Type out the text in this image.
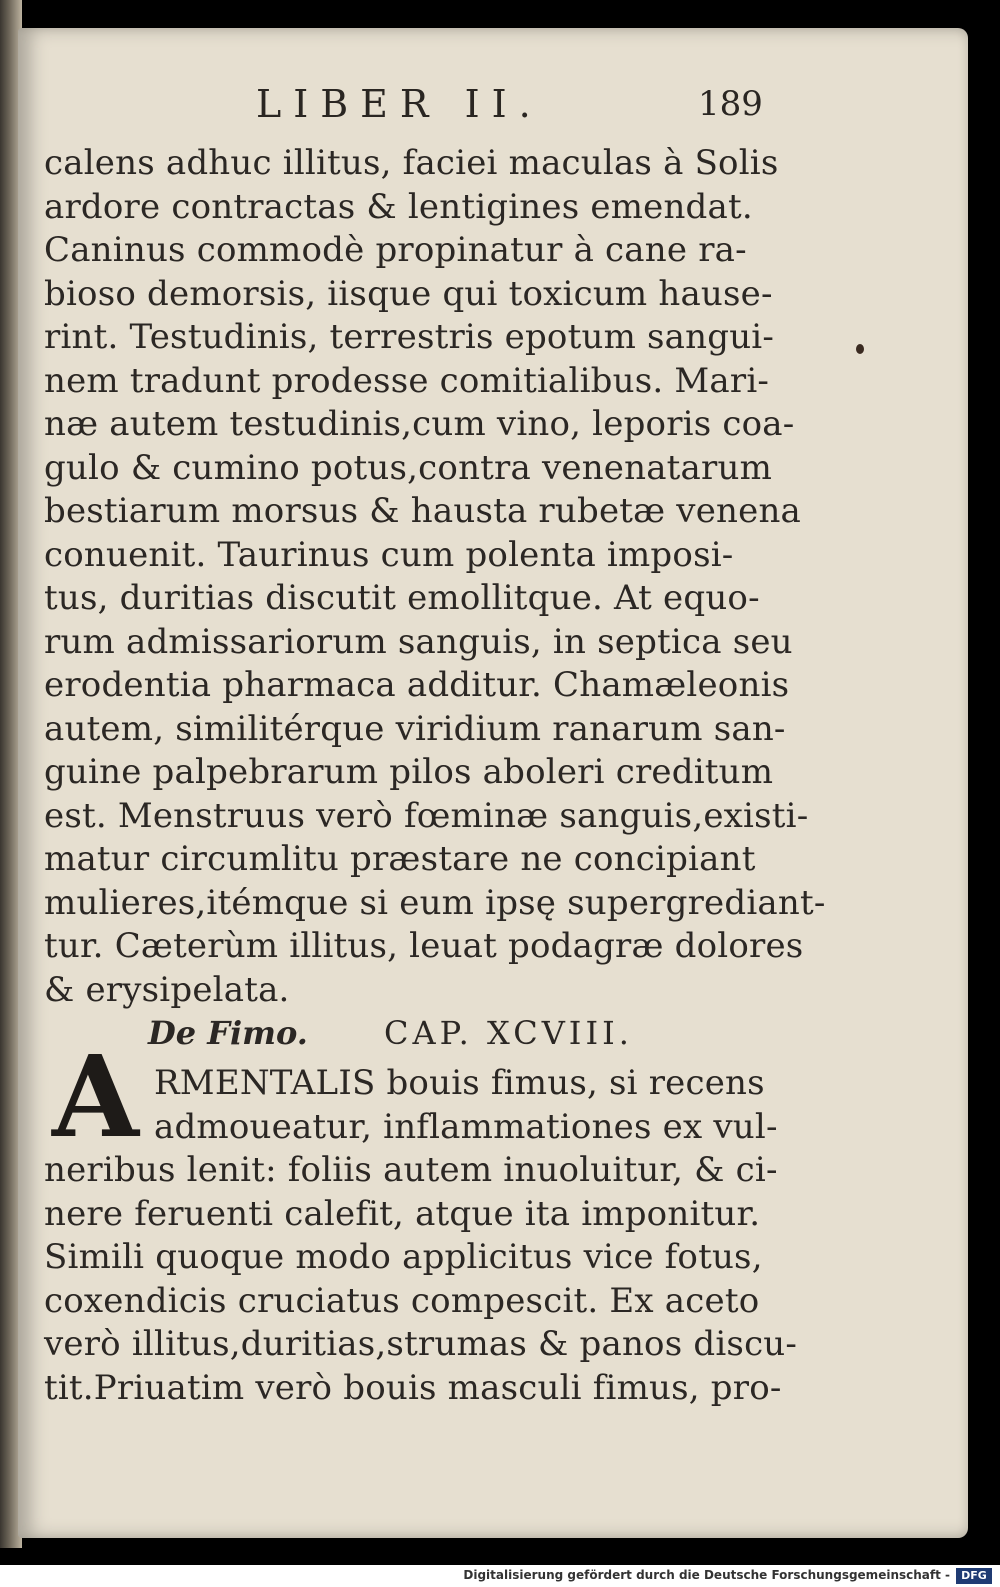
LIBER II.	189
calens adhuc illitus, faciei maculas à Solis
ardore contractas & lentigines emendat.
Caninus commodè propinatur à cane ra-
bioso demorsis, iisque qui toxicum hause-
rint. Testudinis, terrestris epotum sangui-
nem tradunt prodesse comitialibus. Mari-
næ autem testudinis,cum vino, leporis coa-
gulo & cumino potus,contra venenatarum
bestiarum morsus & hausta rubetæ venena
conuenit. Taurinus cum polenta imposi-
tus, duritias discutit emollitque. At equo-
rum admissariorum sanguis, in septica seu
erodentia pharmaca additur. Chamæleonis
autem, similitérque viridium ranarum san-
guine palpebrarum pilos aboleri creditum
est. Menstruus verò fœminæ sanguis,existi-
matur circumlitu præstare ne concipiant
mulieres,itémque si eum ipsę supergrediant-
tur. Cæterùm illitus, leuat podagræ dolores
& erysipelata.
De Fimo. CAP. XCVIII.
A RMENTALIS bouis fimus, si recens
admoueatur, inflammationes ex vul-
neribus lenit: foliis autem inuoluitur, & ci-
nere feruenti calefit, atque ita imponitur.
Simili quoque modo applicitus vice fotus,
coxendicis cruciatus compescit. Ex aceto
verò illitus,duritias,strumas & panos discu-
tit.Priuatim verò bouis masculi fimus, pro-
Digitalisierung gefördert durch die Deutsche Forschungsgemeinschaft -	DFG
